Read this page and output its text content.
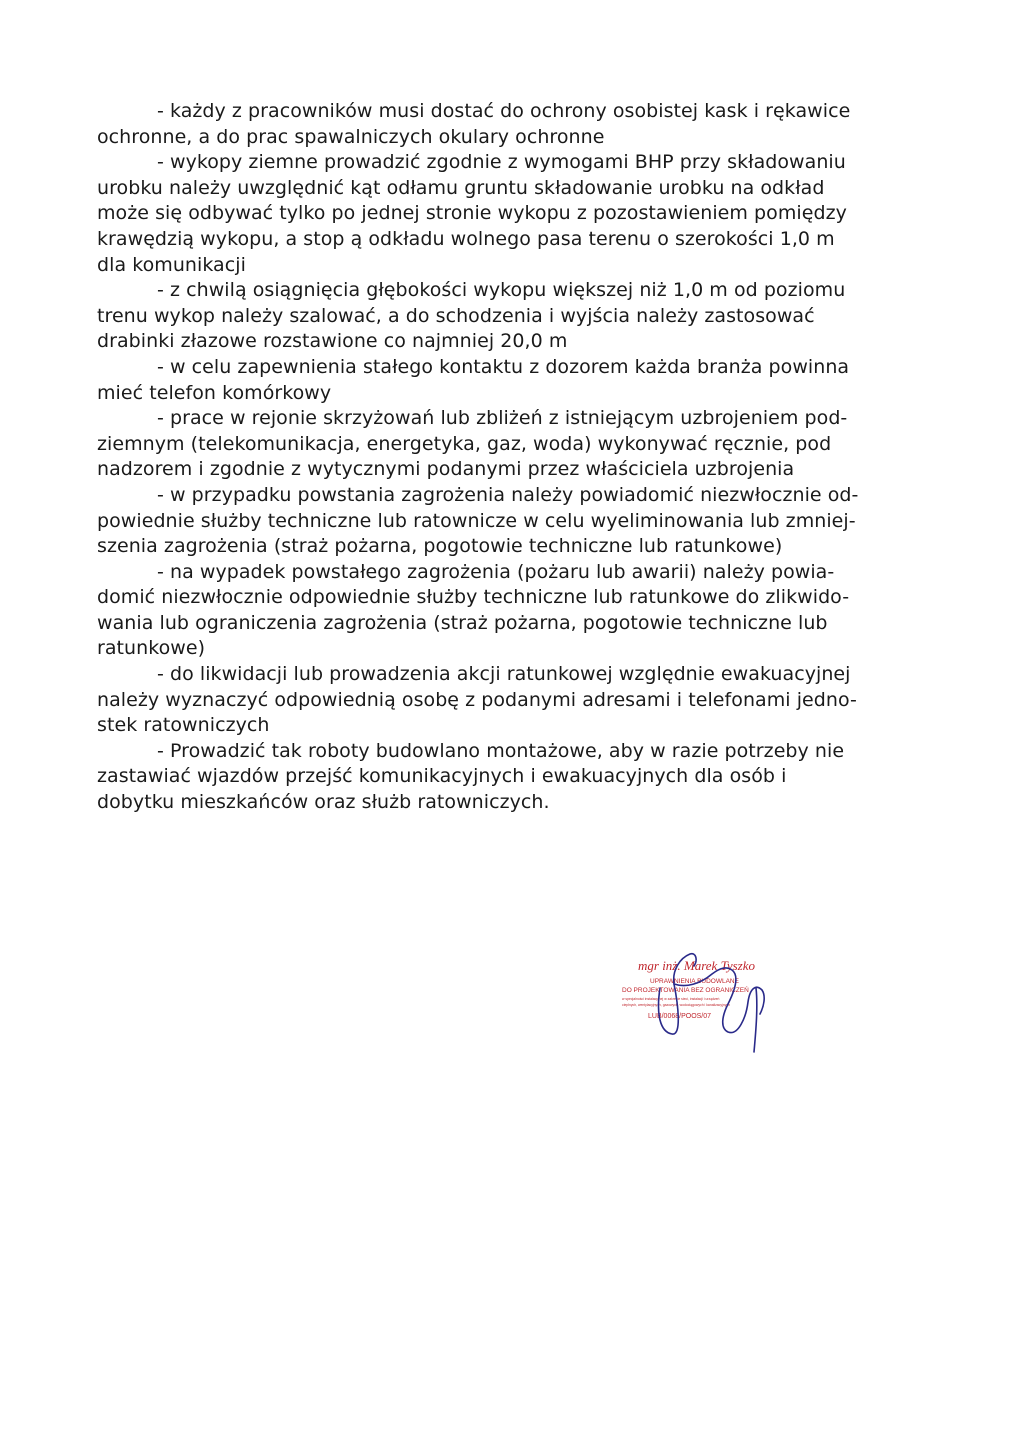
- każdy z pracowników musi dostać do ochrony osobistej kask i rękawice
ochronne, a do prac spawalniczych okulary ochronne

- wykopy ziemne prowadzić zgodnie z wymogami BHP przy składowaniu
urobku należy uwzględnić kąt odłamu gruntu składowanie urobku na odkład
może się odbywać tylko po jednej stronie wykopu z pozostawieniem pomiędzy
krawędzią wykopu, a stop ą odkładu wolnego pasa terenu o szerokości 1,0 m
dla komunikacji

- z chwilą osiągnięcia głębokości wykopu większej niż 1,0 m od poziomu
trenu wykop należy szalować, a do schodzenia i wyjścia należy zastosować
drabinki złazowe rozstawione co najmniej 20,0 m

- w celu zapewnienia stałego kontaktu z dozorem każda branża powinna
mieć telefon komórkowy

- prace w rejonie skrzyżowań lub zbliżeń z istniejącym uzbrojeniem pod-
ziemnym (telekomunikacja, energetyka, gaz, woda) wykonywać ręcznie, pod
nadzorem i zgodnie z wytycznymi podanymi przez właściciela uzbrojenia

- w przypadku powstania zagrożenia należy powiadomić niezwłocznie od-
powiednie służby techniczne lub ratownicze w celu wyeliminowania lub zmniej-
szenia zagrożenia (straż pożarna, pogotowie techniczne lub ratunkowe)

- na wypadek powstałego zagrożenia (pożaru lub awarii) należy powia-
domić niezwłocznie odpowiednie służby techniczne lub ratunkowe do zlikwido-
wania lub ograniczenia zagrożenia (straż pożarna, pogotowie techniczne lub
ratunkowe)

- do likwidacji lub prowadzenia akcji ratunkowej względnie ewakuacyjnej
należy wyznaczyć odpowiednią osobę z podanymi adresami i telefonami jedno-
stek ratowniczych

- Prowadzić tak roboty budowlano montażowe, aby w razie potrzeby nie
zastawiać wjazdów przejść komunikacyjnych i ewakuacyjnych dla osób i
dobytku mieszkańców oraz służb ratowniczych.

mgr inż. Marek Tyszko
UPRAWNIENIA BUDOWLANE
DO PROJEKTOWANIA BEZ OGRANICZEŃ
w specjalności instalacyjnej w zakresie sieci, instalacji i urządzeń
cieplnych, wentylacyjnych, gazowych, wodociągowych i kanalizacyjnych
LUB/0068/POOS/07
